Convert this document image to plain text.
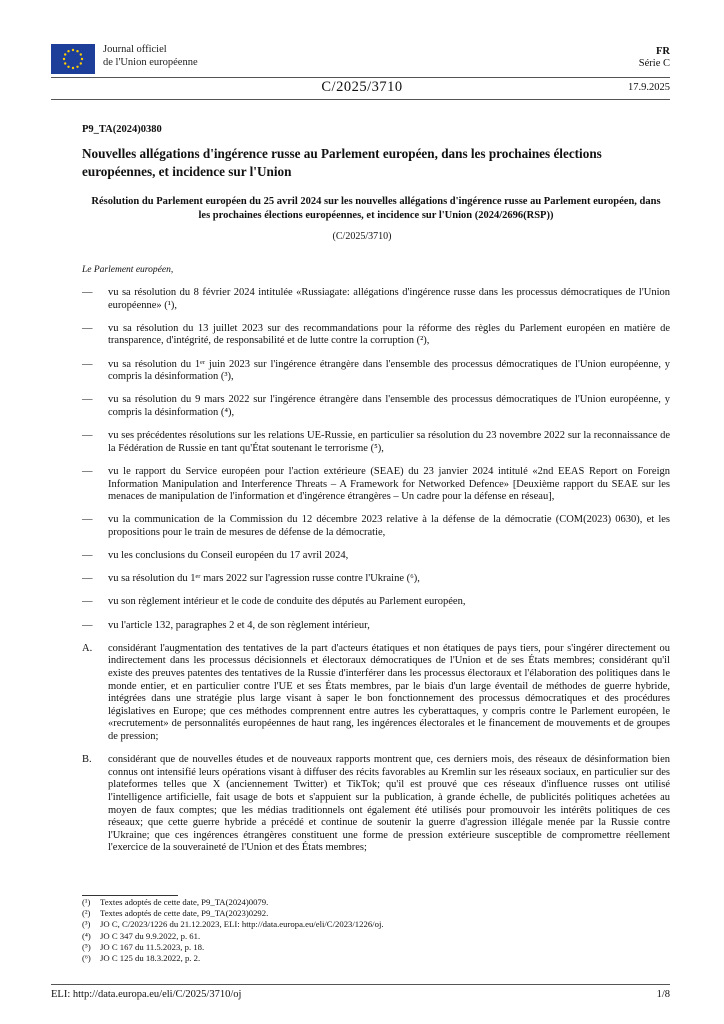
Journal officiel
de l'Union européenne
FR
Série C
C/2025/3710	17.9.2025
P9_TA(2024)0380
Nouvelles allégations d'ingérence russe au Parlement européen, dans les prochaines élections européennes, et incidence sur l'Union
Résolution du Parlement européen du 25 avril 2024 sur les nouvelles allégations d'ingérence russe au Parlement européen, dans les prochaines élections européennes, et incidence sur l'Union (2024/2696(RSP))
(C/2025/3710)
Le Parlement européen,
—	vu sa résolution du 8 février 2024 intitulée «Russiagate: allégations d'ingérence russe dans les processus démocratiques de l'Union européenne» (¹),
—	vu sa résolution du 13 juillet 2023 sur des recommandations pour la réforme des règles du Parlement européen en matière de transparence, d'intégrité, de responsabilité et de lutte contre la corruption (²),
—	vu sa résolution du 1ᵉʳ juin 2023 sur l'ingérence étrangère dans l'ensemble des processus démocratiques de l'Union européenne, y compris la désinformation (³),
—	vu sa résolution du 9 mars 2022 sur l'ingérence étrangère dans l'ensemble des processus démocratiques de l'Union européenne, y compris la désinformation (⁴),
—	vu ses précédentes résolutions sur les relations UE-Russie, en particulier sa résolution du 23 novembre 2022 sur la reconnaissance de la Fédération de Russie en tant qu'État soutenant le terrorisme (⁵),
—	vu le rapport du Service européen pour l'action extérieure (SEAE) du 23 janvier 2024 intitulé «2nd EEAS Report on Foreign Information Manipulation and Interference Threats – A Framework for Networked Defence» [Deuxième rapport du SEAE sur les menaces de manipulation de l'information et d'ingérence étrangères – Un cadre pour la défense en réseau],
—	vu la communication de la Commission du 12 décembre 2023 relative à la défense de la démocratie (COM(2023) 0630), et les propositions pour le train de mesures de défense de la démocratie,
—	vu les conclusions du Conseil européen du 17 avril 2024,
—	vu sa résolution du 1ᵉʳ mars 2022 sur l'agression russe contre l'Ukraine (⁶),
—	vu son règlement intérieur et le code de conduite des députés au Parlement européen,
—	vu l'article 132, paragraphes 2 et 4, de son règlement intérieur,
A.	considérant l'augmentation des tentatives de la part d'acteurs étatiques et non étatiques de pays tiers, pour s'ingérer directement ou indirectement dans les processus décisionnels et électoraux démocratiques de l'Union et de ses États membres; considérant qu'il existe des preuves patentes des tentatives de la Russie d'interférer dans les processus électoraux et l'élaboration des politiques dans le monde entier, et en particulier contre l'UE et ses États membres, par le biais d'un large éventail de méthodes de guerre hybride, intégrées dans une stratégie plus large visant à saper le bon fonctionnement des processus démocratiques et des procédures législatives en Europe; que ces méthodes comprennent entre autres les cyberattaques, y compris contre le Parlement européen, le «recrutement» de personnalités européennes de haut rang, les ingérences électorales et le financement de mouvements et de groupes de pression;
B.	considérant que de nouvelles études et de nouveaux rapports montrent que, ces derniers mois, des réseaux de désinformation bien connus ont intensifié leurs opérations visant à diffuser des récits favorables au Kremlin sur les réseaux sociaux, en particulier sur des plateformes telles que X (anciennement Twitter) et TikTok; qu'il est prouvé que ces réseaux d'influence russes ont utilisé l'intelligence artificielle, fait usage de bots et s'appuient sur la publication, à grande échelle, de publicités politiques achetées au moyen de faux comptes; que les médias traditionnels ont également été utilisés pour promouvoir les intérêts politiques de ces réseaux; que cette guerre hybride a précédé et continue de soutenir la guerre d'agression illégale menée par la Russie contre l'Ukraine; que ces ingérences étrangères constituent une forme de pression extérieure susceptible de compromettre réellement l'exercice de la souveraineté de l'Union et des États membres;
(¹)	Textes adoptés de cette date, P9_TA(2024)0079.
(²)	Textes adoptés de cette date, P9_TA(2023)0292.
(³)	JO C, C/2023/1226 du 21.12.2023, ELI: http://data.europa.eu/eli/C/2023/1226/oj.
(⁴)	JO C 347 du 9.9.2022, p. 61.
(⁵)	JO C 167 du 11.5.2023, p. 18.
(⁶)	JO C 125 du 18.3.2022, p. 2.
ELI: http://data.europa.eu/eli/C/2025/3710/oj	1/8
